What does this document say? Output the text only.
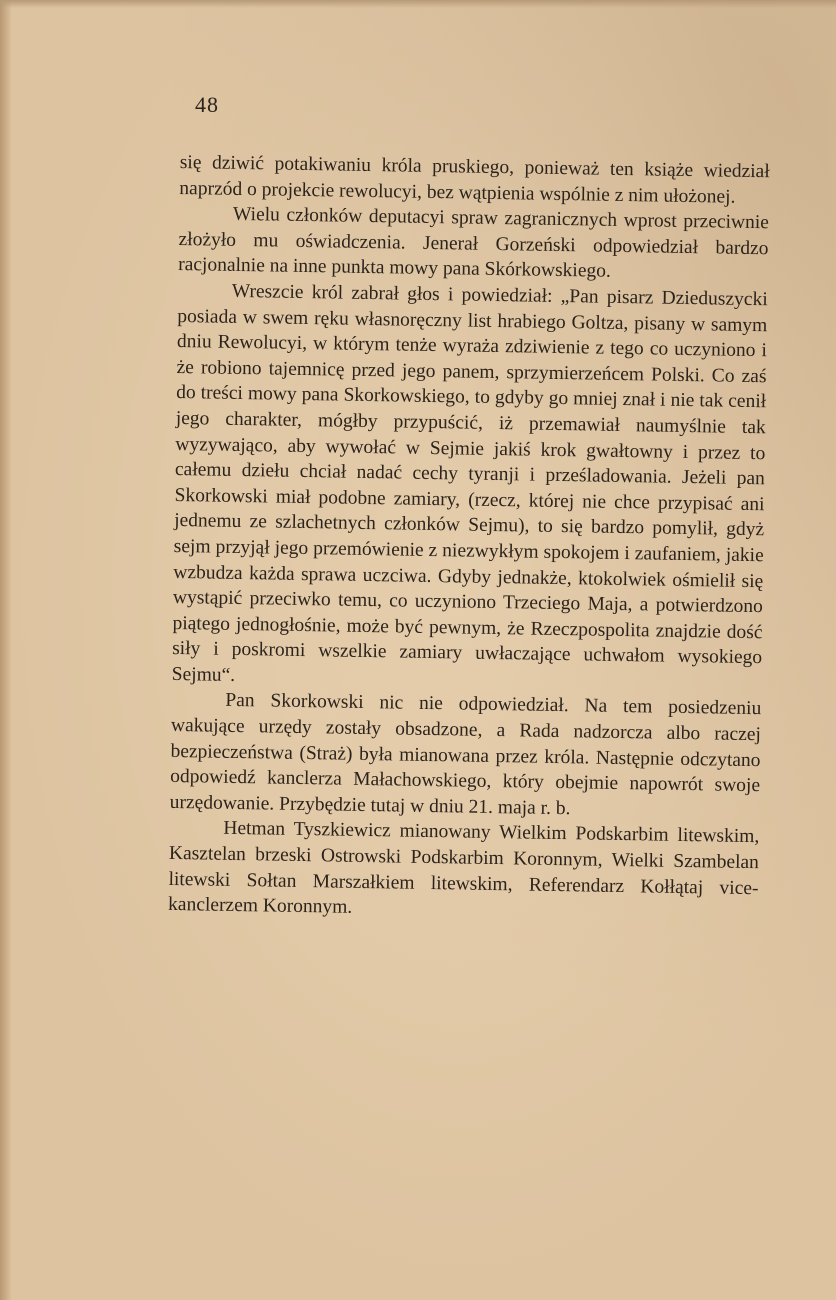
48

się dziwić potakiwaniu króla pruskiego, ponieważ ten książe wiedział naprzód o projekcie rewolucyi, bez wątpienia wspólnie z nim ułożonej.

Wielu członków deputacyi spraw zagranicznych wprost przeciwnie złożyło mu oświadczenia. Jenerał Gorzeński odpowiedział bardzo racjonalnie na inne punkta mowy pana Skórkowskiego.

Wreszcie król zabrał głos i powiedział: „Pan pisarz Dzieduszycki posiada w swem ręku własnoręczny list hrabiego Goltza, pisany w samym dniu Rewolucyi, w którym tenże wyraża zdziwienie z tego co uczyniono i że robiono tajemnicę przed jego panem, sprzymierzeńcem Polski. Co zaś do treści mowy pana Skorkowskiego, to gdyby go mniej znał i nie tak cenił jego charakter, mógłby przypuścić, iż przemawiał naumyślnie tak wyzywająco, aby wywołać w Sejmie jakiś krok gwałtowny i przez to całemu dziełu chciał nadać cechy tyranji i prześladowania. Jeżeli pan Skorkowski miał podobne zamiary, (rzecz, której nie chce przypisać ani jednemu ze szlachetnych członków Sejmu), to się bardzo pomylił, gdyż sejm przyjął jego przemówienie z niezwykłym spokojem i zaufaniem, jakie wzbudza każda sprawa uczciwa. Gdyby jednakże, ktokolwiek ośmielił się wystąpić przeciwko temu, co uczyniono Trzeciego Maja, a potwierdzono piątego jednogłośnie, może być pewnym, że Rzeczpospolita znajdzie dość siły i poskromi wszelkie zamiary uwłaczające uchwałom wysokiego Sejmu“.

Pan Skorkowski nic nie odpowiedział. Na tem posiedzeniu wakujące urzędy zostały obsadzone, a Rada nadzorcza albo raczej bezpieczeństwa (Straż) była mianowana przez króla. Następnie odczytano odpowiedź kanclerza Małachowskiego, który obejmie napowrót swoje urzędowanie. Przybędzie tutaj w dniu 21. maja r. b.

Hetman Tyszkiewicz mianowany Wielkim Podskarbim litewskim, Kasztelan brzeski Ostrowski Podskarbim Koronnym, Wielki Szambelan litewski Sołtan Marszałkiem litewskim, Referendarz Kołłątaj vice-kanclerzem Koronnym.
